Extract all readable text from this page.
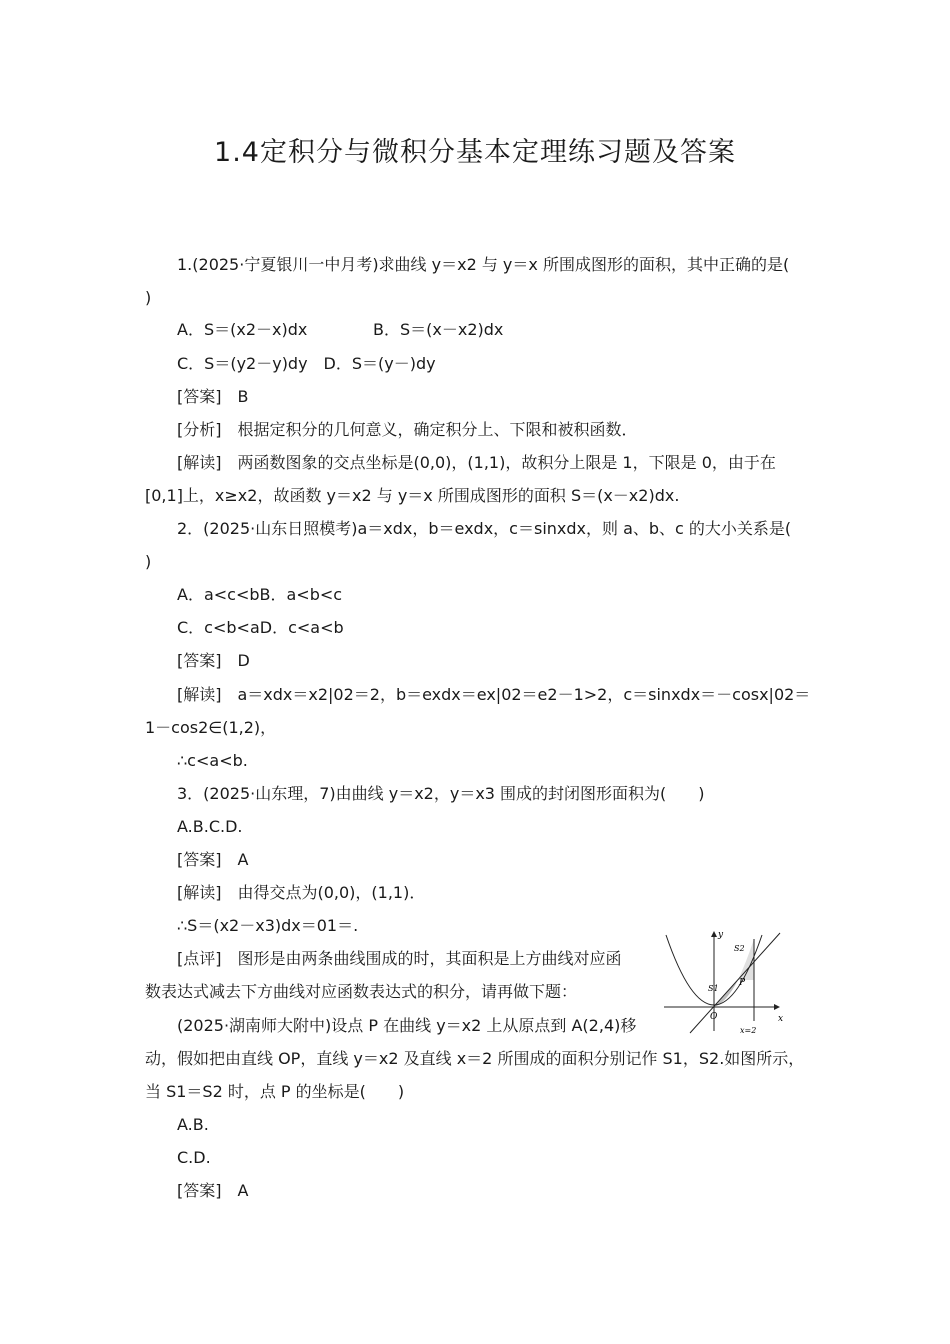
1.4定积分与微积分基本定理练习题及答案
1.(2025·宁夏银川一中月考)求曲线 y＝x2 与 y＝x 所围成图形的面积，其中正确的是(
)
A．S＝(x2－x)dx	B．S＝(x－x2)dx
C．S＝(y2－y)dy　D．S＝(y－)dy
[答案]　B
[分析]　根据定积分的几何意义，确定积分上、下限和被积函数．
[解读]　两函数图象的交点坐标是(0,0)，(1,1)，故积分上限是 1，下限是 0，由于在
[0,1]上，x≥x2，故函数 y＝x2 与 y＝x 所围成图形的面积 S＝(x－x2)dx.
2．(2025·山东日照模考)a＝xdx，b＝exdx，c＝sinxdx，则 a、b、c 的大小关系是(
)
A．a<c<bB．a<b<c
C．c<b<aD．c<a<b
[答案]　D
[解读]　a＝xdx＝x2|02＝2，b＝exdx＝ex|02＝e2－1>2，c＝sinxdx＝－cosx|02＝
1－cos2∈(1,2)，
∴c<a<b.
3．(2025·山东理，7)由曲线 y＝x2，y＝x3 围成的封闭图形面积为(　　)
A.B.C.D.
[答案]　A
[解读]　由得交点为(0,0)，(1,1)．
∴S＝(x2－x3)dx＝01＝.
[点评]　图形是由两条曲线围成的时，其面积是上方曲线对应函
数表达式减去下方曲线对应函数表达式的积分，请再做下题：
(2025·湖南师大附中)设点 P 在曲线 y＝x2 上从原点到 A(2,4)移
动，假如把由直线 OP，直线 y＝x2 及直线 x＝2 所围成的面积分别记作 S1，S2.如图所示，
当 S1＝S2 时，点 P 的坐标是(　　)
A.B.
C.D.
[答案]　A
y
x
O
P
S1
S2
x=2
